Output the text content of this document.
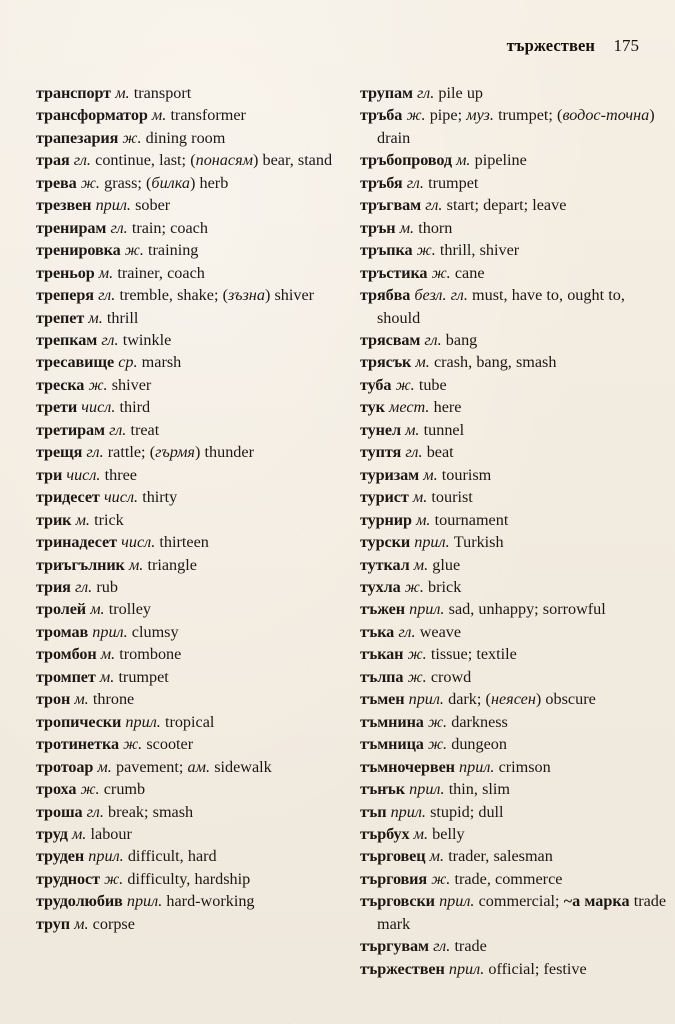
тържествен 175

транспорт м. transport

трансформатор м. transformer

трапезария ж. dining room

трая гл. continue, last; (понасям) bear, stand

трева ж. grass; (билка) herb

трезвен прил. sober

тренирам гл. train; coach

тренировка ж. training

треньор м. trainer, coach

треперя гл. tremble, shake; (зъзна) shiver

трепет м. thrill

трепкам гл. twinkle

тресавище ср. marsh

треска ж. shiver

трети числ. third

третирам гл. treat

трещя гл. rattle; (гърмя) thunder

три числ. three

тридесет числ. thirty

трик м. trick

тринадесет числ. thirteen

триъгълник м. triangle

трия гл. rub

тролей м. trolley

тромав прил. clumsy

тромбон м. trombone

тромпет м. trumpet

трон м. throne

тропически прил. tropical

тротинетка ж. scooter

тротоар м. pavement; ам. sidewalk

троха ж. crumb

троша гл. break; smash

труд м. labour

труден прил. difficult, hard

трудност ж. difficulty, hardship

трудолюбив прил. hard-working

труп м. corpse

трупам гл. pile up

тръба ж. pipe; муз. trumpet; (водос-точна) drain

тръбопровод м. pipeline

тръбя гл. trumpet

тръгвам гл. start; depart; leave

трън м. thorn

тръпка ж. thrill, shiver

тръстика ж. cane

трябва безл. гл. must, have to, ought to, should

трясвам гл. bang

трясък м. crash, bang, smash

туба ж. tube

тук мест. here

тунел м. tunnel

туптя гл. beat

туризам м. tourism

турист м. tourist

турнир м. tournament

турски прил. Turkish

туткал м. glue

тухла ж. brick

тъжен прил. sad, unhappy; sorrowful

тъка гл. weave

тъкан ж. tissue; textile

тълпа ж. crowd

тъмен прил. dark; (неясен) obscure

тъмнина ж. darkness

тъмница ж. dungeon

тъмночервен прил. crimson

тънък прил. thin, slim

тъп прил. stupid; dull

търбух м. belly

търговец м. trader, salesman

търговия ж. trade, commerce

търговски прил. commercial; ~а марка trade mark

търгувам гл. trade

тържествен прил. official; festive
